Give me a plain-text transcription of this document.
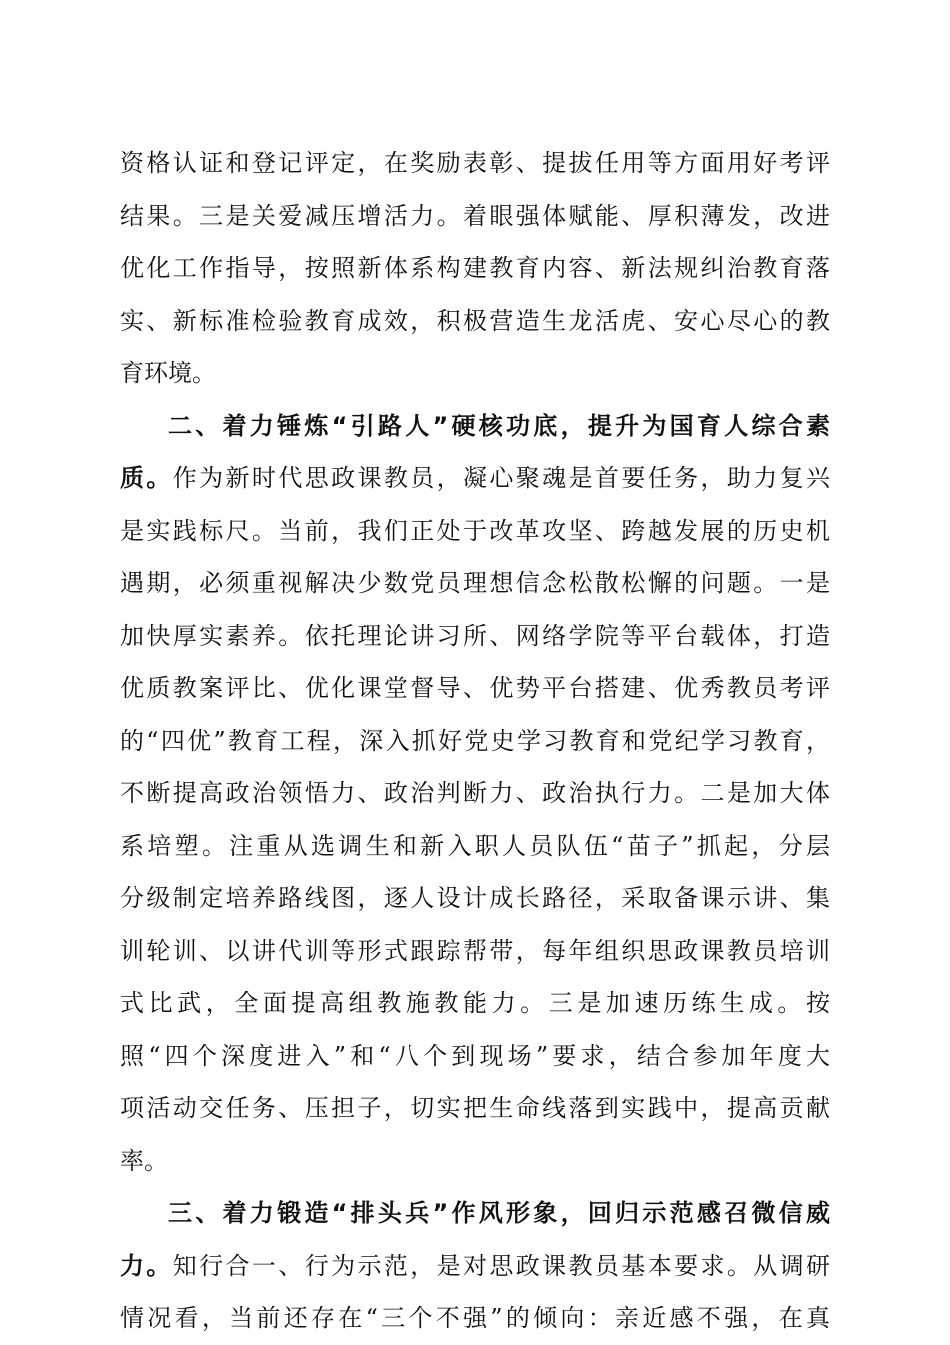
资格认证和登记评定，在奖励表彰、提拔任用等方面用好考评
结果。三是关爱减压增活力。着眼强体赋能、厚积薄发，改进
优化工作指导，按照新体系构建教育内容、新法规纠治教育落
实、新标准检验教育成效，积极营造生龙活虎、安心尽心的教
育环境。
二、着力锤炼“引路人”硬核功底，提升为国育人综合素
质。作为新时代思政课教员，凝心聚魂是首要任务，助力复兴
是实践标尺。当前，我们正处于改革攻坚、跨越发展的历史机
遇期，必须重视解决少数党员理想信念松散松懈的问题。一是
加快厚实素养。依托理论讲习所、网络学院等平台载体，打造
优质教案评比、优化课堂督导、优势平台搭建、优秀教员考评
的“四优”教育工程，深入抓好党史学习教育和党纪学习教育，
不断提高政治领悟力、政治判断力、政治执行力。二是加大体
系培塑。注重从选调生和新入职人员队伍“苗子”抓起，分层
分级制定培养路线图，逐人设计成长路径，采取备课示讲、集
训轮训、以讲代训等形式跟踪帮带，每年组织思政课教员培训
式比武，全面提高组教施教能力。三是加速历练生成。按
照“四个深度进入”和“八个到现场”要求，结合参加年度大
项活动交任务、压担子，切实把生命线落到实践中，提高贡献
率。
三、着力锻造“排头兵”作风形象，回归示范感召微信威
力。知行合一、行为示范，是对思政课教员基本要求。从调研
情况看，当前还存在“三个不强”的倾向：亲近感不强，在真
